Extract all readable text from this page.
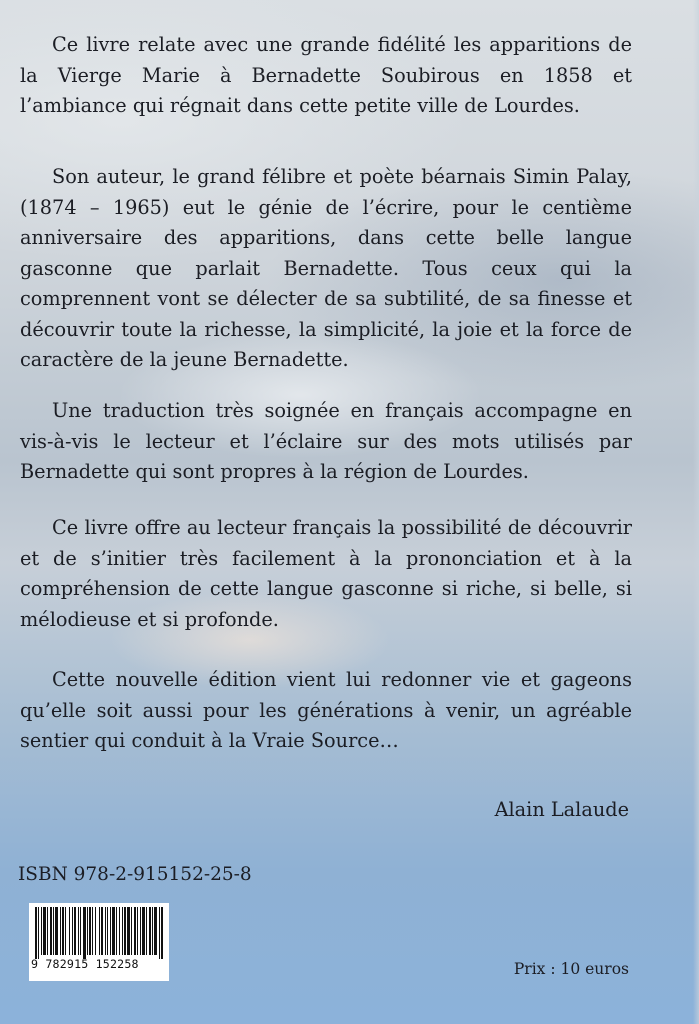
Ce livre relate avec une grande fidélité les apparitions de la Vierge Marie à Bernadette Soubirous en 1858 et l’ambiance qui régnait dans cette petite ville de Lourdes.

Son auteur, le grand félibre et poète béarnais Simin Palay, (1874 – 1965) eut le génie de l’écrire, pour le centième anniversaire des apparitions, dans cette belle langue gasconne que parlait Bernadette. Tous ceux qui la comprennent vont se délecter de sa subtilité, de sa finesse et découvrir toute la richesse, la simplicité, la joie et la force de caractère de la jeune Bernadette.

Une traduction très soignée en français accompagne en vis-à-vis le lecteur et l’éclaire sur des mots utilisés par Bernadette qui sont propres à la région de Lourdes.

Ce livre offre au lecteur français la possibilité de découvrir et de s’initier très facilement à la prononciation et à la compréhension de cette langue gasconne si riche, si belle, si mélodieuse et si profonde.

Cette nouvelle édition vient lui redonner vie et gageons qu’elle soit aussi pour les générations à venir, un agréable sentier qui conduit à la Vraie Source…

Alain Lalaude

ISBN 978-2-915152-25-8

9 782915 152258	Prix : 10 euros
